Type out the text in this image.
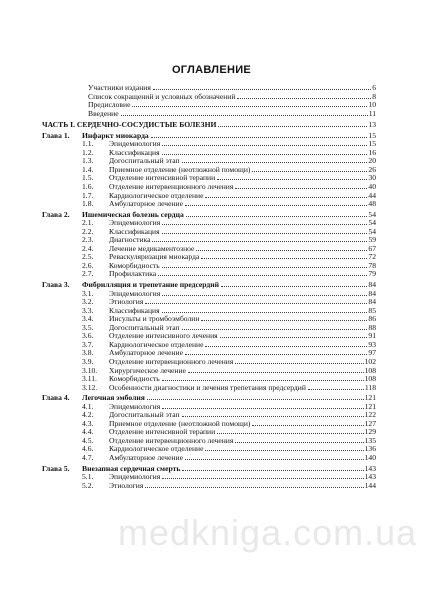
ОГЛАВЛЕНИЕ
Участники издания	6
Список сокращений и условных обозначений	8
Предисловие	10
Введение	11
ЧАСТЬ I. СЕРДЕЧНО-СОСУДИСТЫЕ БОЛЕЗНИ	13
Глава 1. Инфаркт миокарда	15
1.1. Эпидемиология	15
1.2. Классификация	16
1.3. Догоспитальный этап	20
1.4. Приемное отделение (неотложной помощи)	26
1.5. Отделение интенсивной терапии	30
1.6. Отделение интервенционного лечения	40
1.7. Кардиологическое отделение	44
1.8. Амбулаторное лечение	48
Глава 2. Ишемическая болезнь сердца	54
2.1. Эпидемиология	54
2.2. Классификация	54
2.3. Диагностика	59
2.4. Лечение медикаментозное	67
2.5. Реваскуляризация миокарда	72
2.6. Коморбидность	78
2.7. Профилактика	79
Глава 3. Фибрилляция и трепетание предсердий	84
3.1. Эпидемиология	84
3.2. Этиология	84
3.3. Классификация	85
3.4. Инсульты и тромбоэмболии	86
3.5. Догоспитальный этап	88
3.6. Отделение интенсивного лечения	91
3.7. Кардиологическое отделение	93
3.8. Амбулаторное лечение	97
3.9. Отделение интервенционного лечения	102
3.10. Хирургическое лечение	108
3.11. Коморбидность	108
3.12. Особенности диагностики и лечения трепетания предсердий	118
Глава 4. Легочная эмболия	121
4.1. Эпидемиология	121
4.2. Догоспитальный этап	122
4.3. Приемное отделение (неотложной помощи)	127
4.4. Отделение интенсивной терапии	129
4.5. Отделение интервенционного лечения	135
4.6. Кардиологическое отделение	136
4.7. Амбулаторное лечение	140
Глава 5. Внезапная сердечная смерть	143
5.1. Эпидемиология	143
5.2. Этиология	144
medkniga.com.ua
